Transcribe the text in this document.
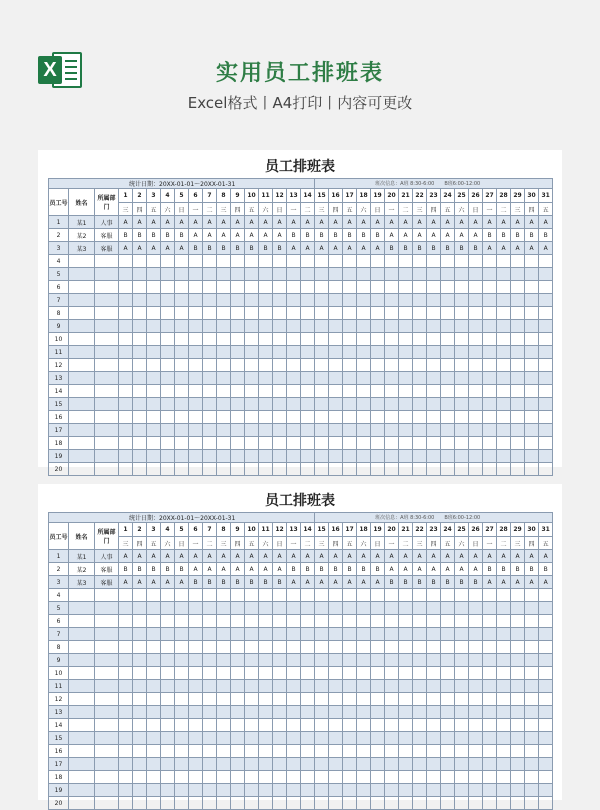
X	实用员工排班表
Excel格式丨A4打印丨内容可更改
员工排班表
统计日期：20XX-01-01～20XX-01-31																	班次信息：A班 8:30-6:00　　B班6:00-12:00																
员工号	姓名	所属部门	1	2	3	4	5	6	7	8	9	10	11	12	13	14	15	16	17	18	19	20	21	22	23	24	25	26	27	28	29	30	31
			三	四	五	六	日	一	二	三	四	五	六	日	一	二	三	四	五	六	日	一	二	三	四	五	六	日	一	二	三	四	五
1	某1	人事	A	A	A	A	A	A	A	A	A	A	A	A	A	A	A	A	A	A	A	A	A	A	A	A	A	A	A	A	A	A	A
2	某2	客服	B	B	B	B	B	A	A	A	A	A	A	A	B	B	B	B	B	B	B	A	A	A	A	A	A	A	B	B	B	B	B
3	某3	客服	A	A	A	A	A	B	B	B	B	B	B	B	A	A	A	A	A	A	A	B	B	B	B	B	B	B	A	A	A	A	A
4																																	
5																																	
6																																	
7																																	
8																																	
9																																	
10																																	
11																																	
12																																	
13																																	
14																																	
15																																	
16																																	
17																																	
18																																	
19																																	
20																																	
员工排班表
统计日期：20XX-01-01～20XX-01-31																	班次信息：A班 8:30-6:00　　B班6:00-12:00																
员工号	姓名	所属部门	1	2	3	4	5	6	7	8	9	10	11	12	13	14	15	16	17	18	19	20	21	22	23	24	25	26	27	28	29	30	31
			三	四	五	六	日	一	二	三	四	五	六	日	一	二	三	四	五	六	日	一	二	三	四	五	六	日	一	二	三	四	五
1	某1	人事	A	A	A	A	A	A	A	A	A	A	A	A	A	A	A	A	A	A	A	A	A	A	A	A	A	A	A	A	A	A	A
2	某2	客服	B	B	B	B	B	A	A	A	A	A	A	A	B	B	B	B	B	B	B	A	A	A	A	A	A	A	B	B	B	B	B
3	某3	客服	A	A	A	A	A	B	B	B	B	B	B	B	A	A	A	A	A	A	A	B	B	B	B	B	B	B	A	A	A	A	A
4																																	
5																																	
6																																	
7																																	
8																																	
9																																	
10																																	
11																																	
12																																	
13																																	
14																																	
15																																	
16																																	
17																																	
18																																	
19																																	
20																																	
